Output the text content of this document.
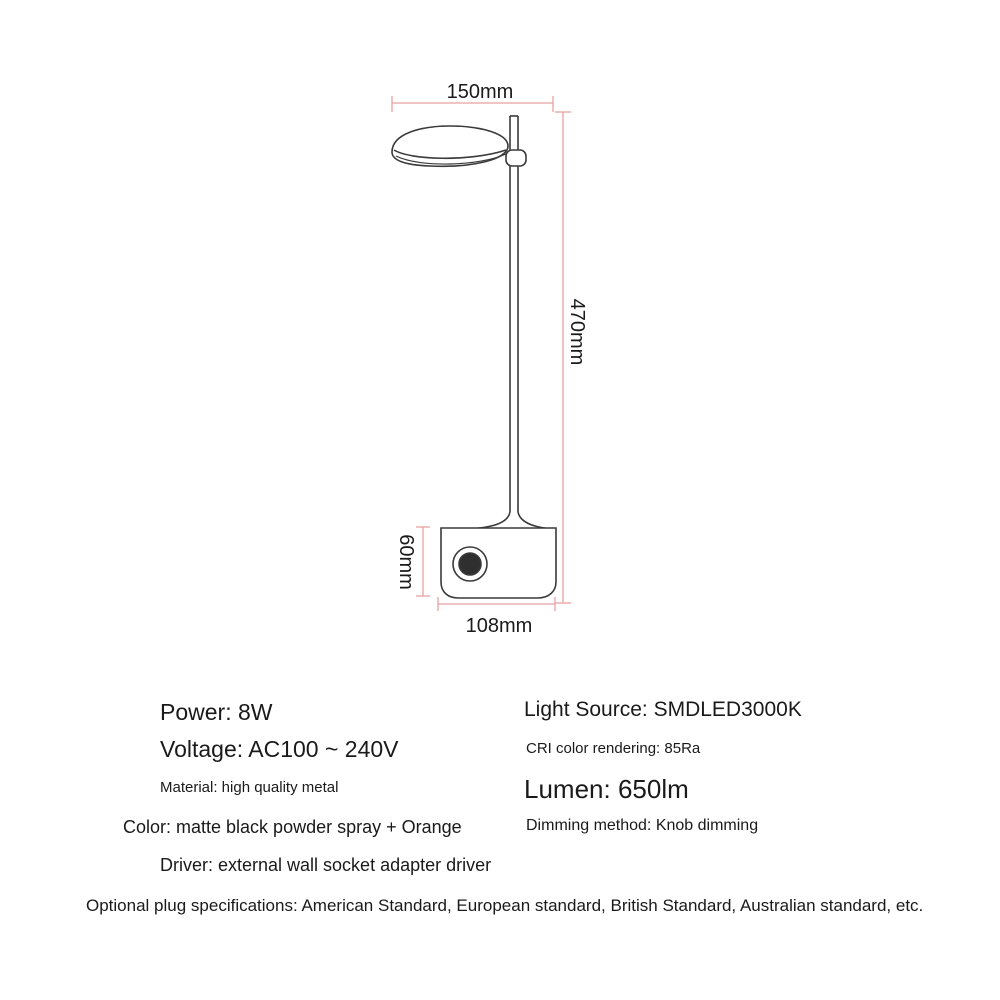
150mm
470mm
60mm
108mm
Power: 8W
Voltage: AC100 ~ 240V
Material: high quality metal
Color: matte black powder spray + Orange
Driver: external wall socket adapter driver
Light Source: SMDLED3000K
CRI color rendering: 85Ra
Lumen: 650lm
Dimming method: Knob dimming
Optional plug specifications: American Standard, European standard, British Standard, Australian standard, etc.
